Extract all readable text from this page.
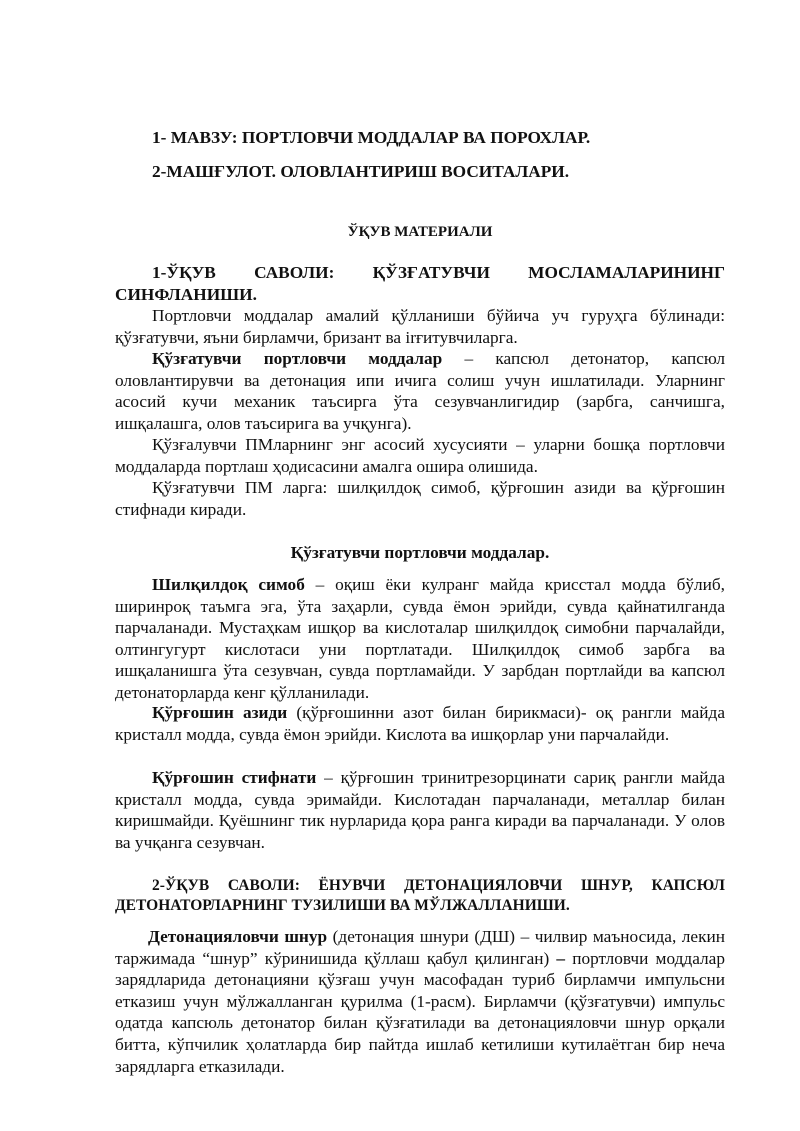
1- МАВЗУ: ПОРТЛОВЧИ МОДДАЛАР ВА ПОРОХЛАР.

2-МАШҒУЛОТ. ОЛОВЛАНТИРИШ ВОСИТАЛАРИ.

ЎҚУВ МАТЕРИАЛИ

1-ЎҚУВ САВОЛИ: ҚЎЗҒАТУВЧИ МОСЛАМАЛАРИНИНГ СИНФЛАНИШИ.

Портловчи моддалар амалий қўлланиши бўйича уч гуруҳга бўлинади: қўзғатувчи, яъни бирламчи, бризант ва irғитувчиларга.

Қўзғатувчи портловчи моддалар – капсюл детонатор, капсюл оловлантирувчи ва детонация ипи ичига солиш учун ишлатилади. Уларнинг асосий кучи механик таъсирга ўта сезувчанлигидир (зарбга, санчишга, ишқалашга, олов таъсирига ва учқунга).

Қўзғалувчи ПМларнинг энг асосий хусусияти – уларни бошқа портловчи моддаларда портлаш ҳодисасини амалга ошира олишида.

Қўзғатувчи ПМ ларга: шилқилдоқ симоб, қўрғошин азиди ва қўрғошин стифнади киради.

Қўзғатувчи портловчи моддалар.

Шилқилдоқ симоб – оқиш ёки кулранг майда крисстал модда бўлиб, ширинроқ таъмга эга, ўта заҳарли, сувда ёмон эрийди, сувда қайнатилганда парчаланади. Мустаҳкам ишқор ва кислоталар шилқилдоқ симобни парчалайди, олтингугурт кислотаси уни портлатади. Шилқилдоқ симоб зарбга ва ишқаланишга ўта сезувчан, сувда портламайди. У зарбдан портлайди ва капсюл детонаторларда кенг қўлланилади.

Қўрғошин азиди (қўрғошинни азот билан бирикмаси)- оқ рангли майда кристалл модда, сувда ёмон эрийди. Кислота ва ишқорлар уни парчалайди.

Қўрғошин стифнати – қўрғошин тринитрезорцинати сариқ рангли майда кристалл модда, сувда эримайди. Кислотадан парчаланади, металлар билан киришмайди. Қуёшнинг тик нурларида қора ранга киради ва парчаланади. У олов ва учқанга сезувчан.

2-ЎҚУВ САВОЛИ: ЁНУВЧИ ДЕТОНАЦИЯЛОВЧИ ШНУР, КАПСЮЛ ДЕТОНАТОРЛАРНИНГ ТУЗИЛИШИ ВА МЎЛЖАЛЛАНИШИ.

Детонацияловчи шнур (детонация шнури (ДШ) – чилвир маъносида, лекин таржимада “шнур” кўринишида қўллаш қабул қилинган) – портловчи моддалар зарядларида детонацияни қўзғаш учун масофадан туриб бирламчи импульсни етказиш учун мўлжалланган қурилма (1-расм). Бирламчи (қўзғатувчи) импульс одатда капсюль детонатор билан қўзғатилади ва детонацияловчи шнур орқали битта, кўпчилик ҳолатларда бир пайтда ишлаб кетилиши кутилаётган бир неча зарядларга етказилади.
